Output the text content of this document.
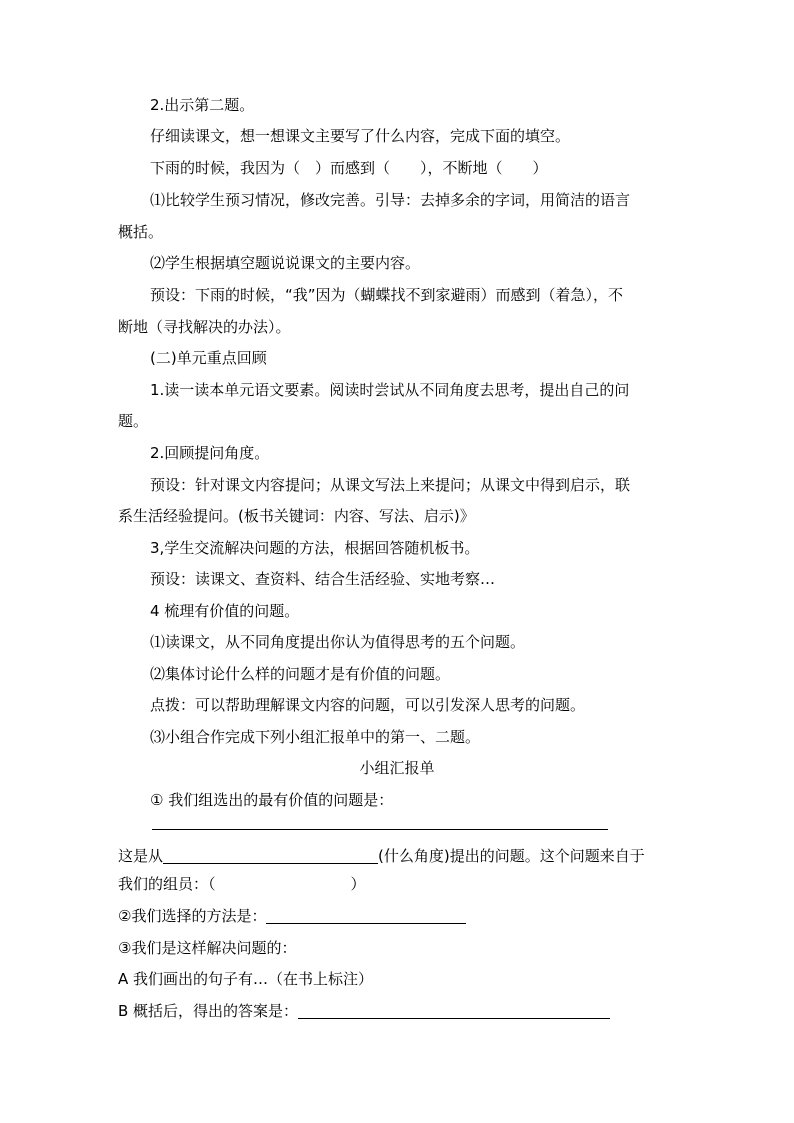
2.出示第二题。
仔细读课文，想一想课文主要写了什么内容，完成下面的填空。
下雨的时候，我因为（　）而感到（　　），不断地（　　）
⑴比较学生预习情况，修改完善。引导：去掉多余的字词，用简洁的语言
概括。
⑵学生根据填空题说说课文的主要内容。
预设：下雨的时候，“我”因为（蝴蝶找不到家避雨）而感到（着急），不
断地（寻找解决的办法）。
(二)单元重点回顾
1.读一读本单元语文要素。阅读时尝试从不同角度去思考，提出自己的问
题。
2.回顾提问角度。
预设：针对课文内容提问；从课文写法上来提问；从课文中得到启示，联
系生活经验提问。(板书关键词：内容、写法、启示)》
3,学生交流解决问题的方法，根据回答随机板书。
预设：读课文、查资料、结合生活经验、实地考察…
4 梳理有价值的问题。
⑴读课文，从不同角度提出你认为值得思考的五个问题。
⑵集体讨论什么样的问题才是有价值的问题。
点拨：可以帮助理解课文内容的问题，可以引发深人思考的问题。
⑶小组合作完成下列小组汇报单中的第一、二题。
小组汇报单
① 我们组选出的最有价值的问题是：
这是从	(什么角度)提出的问题。这个问题来自于
我们的组员：（　　　　　　　　　）
②我们选择的方法是：
③我们是这样解决问题的：
A 我们画出的句子有…（在书上标注）
B 概括后，得出的答案是：
